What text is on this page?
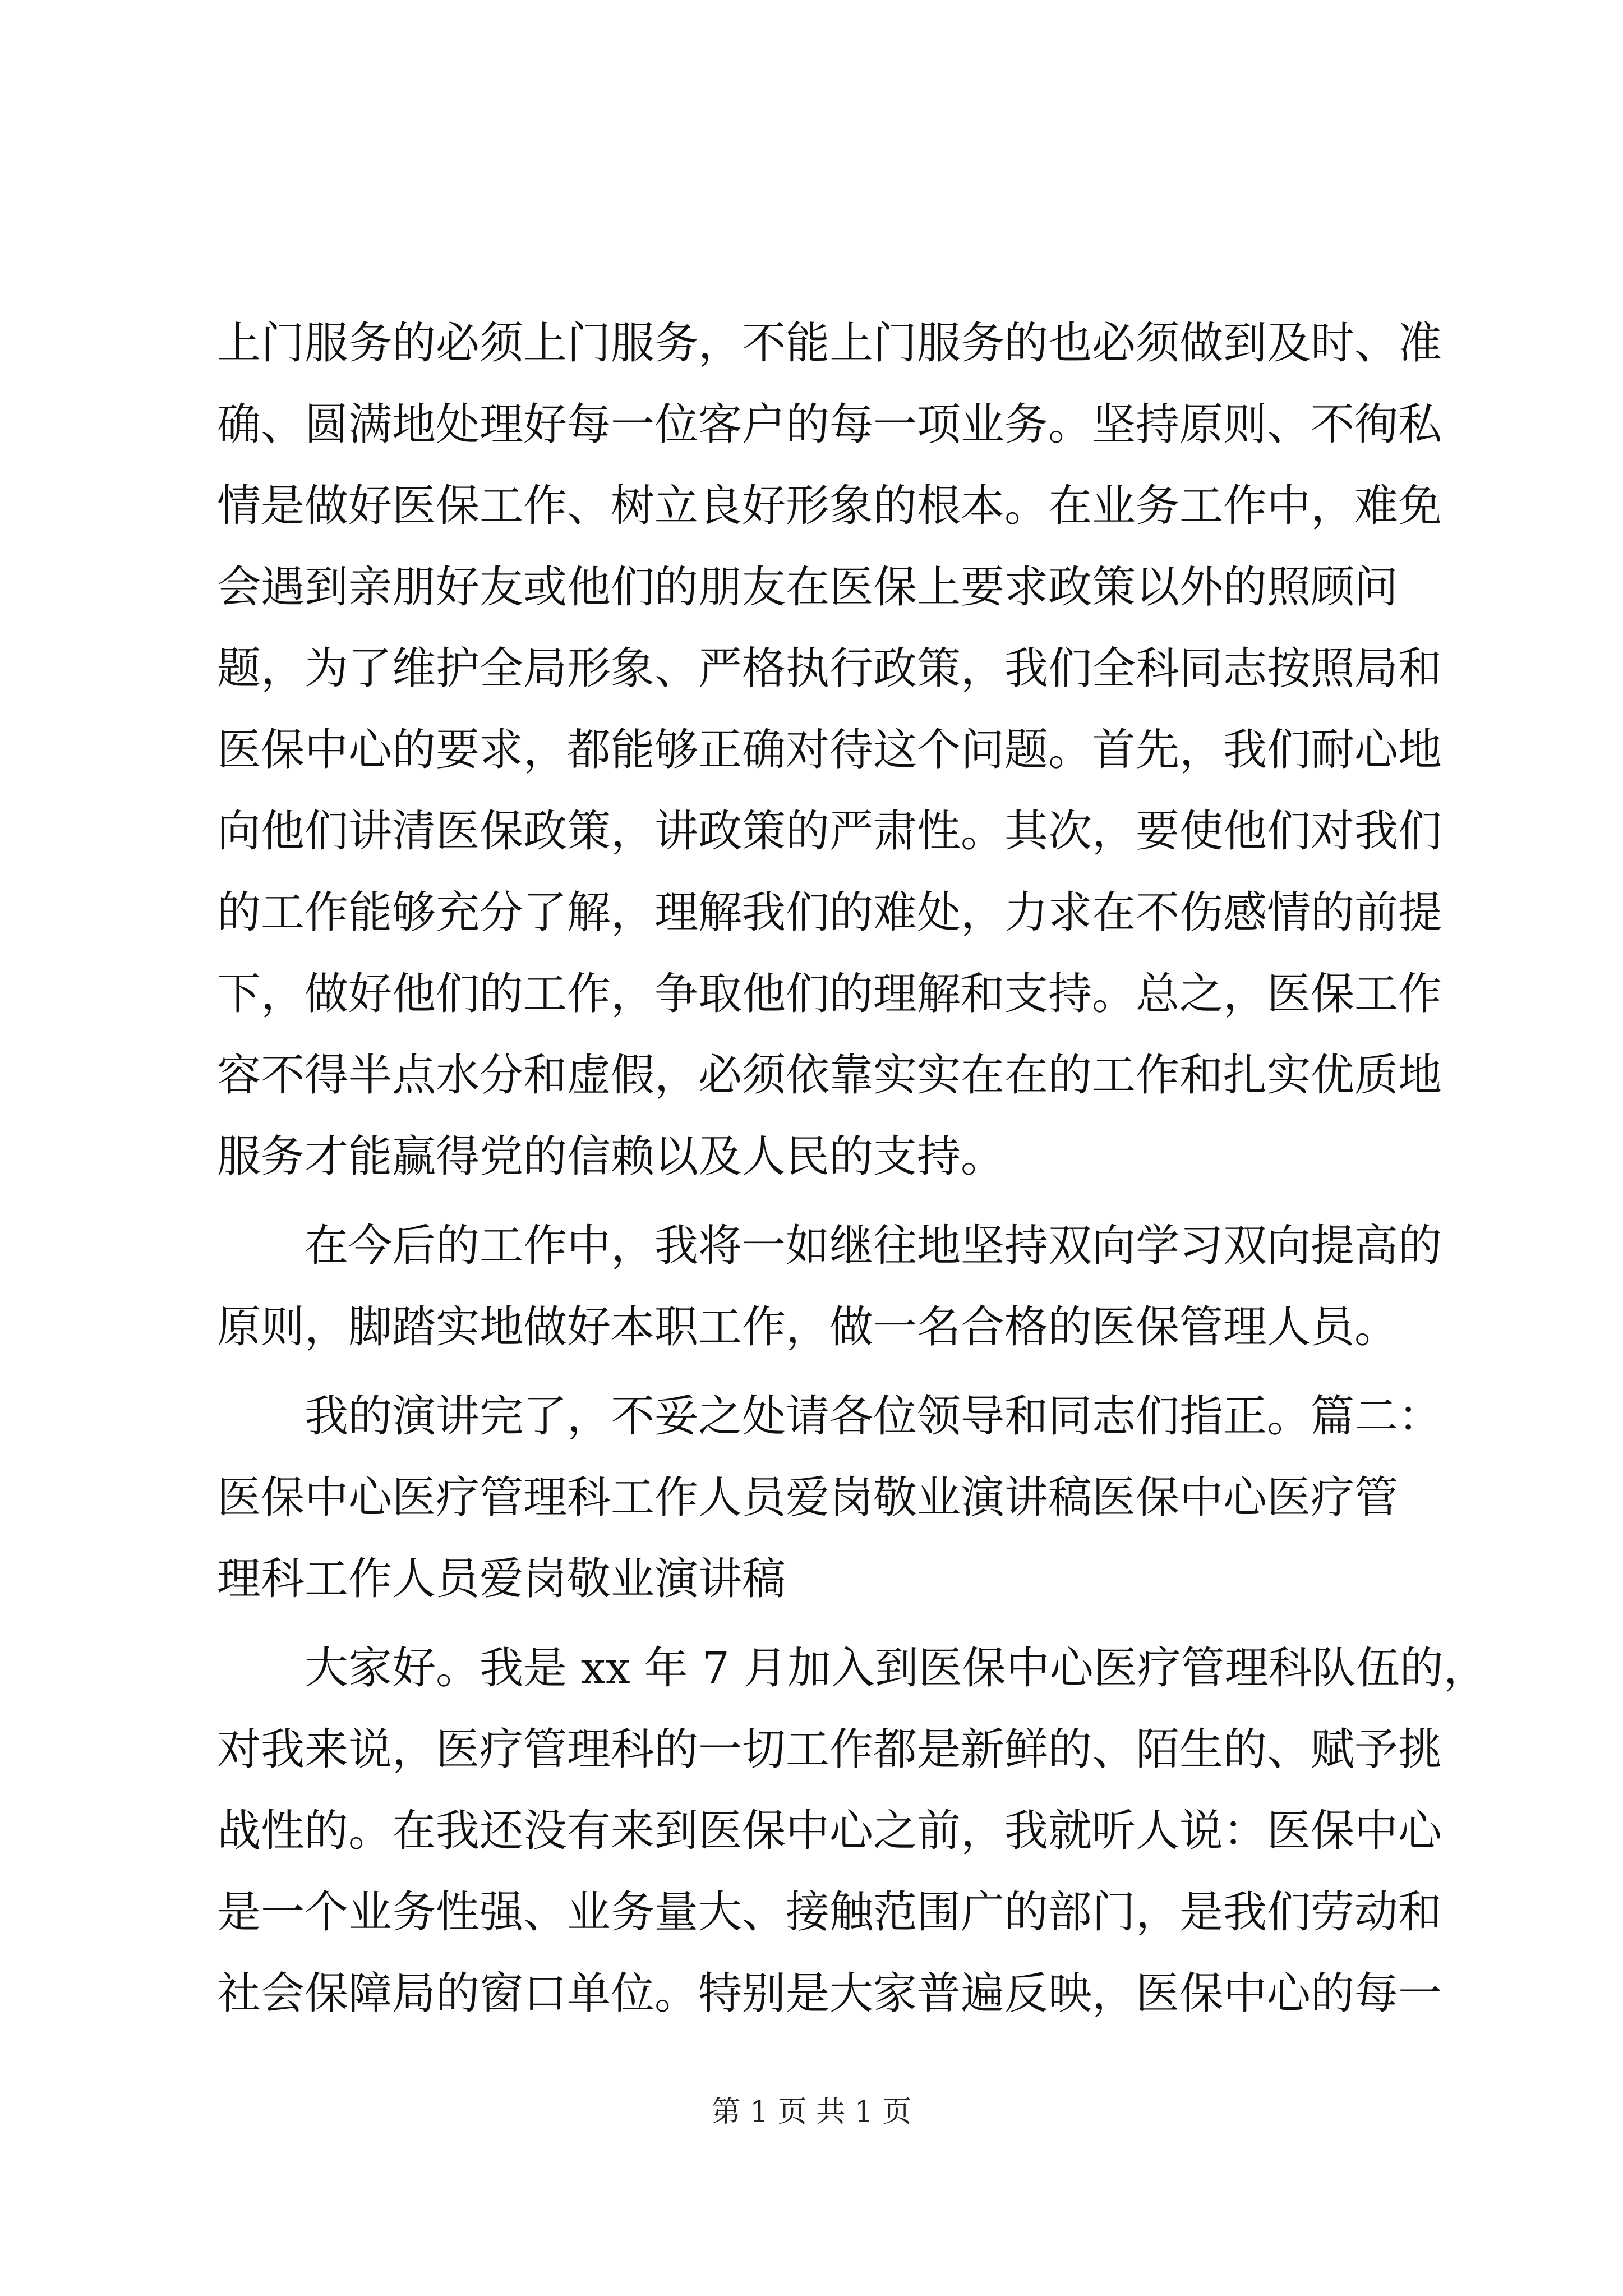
上门服务的必须上门服务，不能上门服务的也必须做到及时、准
确、圆满地处理好每一位客户的每一项业务。坚持原则、不徇私
情是做好医保工作、树立良好形象的根本。在业务工作中，难免
会遇到亲朋好友或他们的朋友在医保上要求政策以外的照顾问
题，为了维护全局形象、严格执行政策，我们全科同志按照局和
医保中心的要求，都能够正确对待这个问题。首先，我们耐心地
向他们讲清医保政策，讲政策的严肃性。其次，要使他们对我们
的工作能够充分了解，理解我们的难处，力求在不伤感情的前提
下，做好他们的工作，争取他们的理解和支持。总之，医保工作
容不得半点水分和虚假，必须依靠实实在在的工作和扎实优质地
服务才能赢得党的信赖以及人民的支持。
在今后的工作中，我将一如继往地坚持双向学习双向提高的
原则，脚踏实地做好本职工作，做一名合格的医保管理人员。
我的演讲完了，不妥之处请各位领导和同志们指正。篇二：
医保中心医疗管理科工作人员爱岗敬业演讲稿医保中心医疗管
理科工作人员爱岗敬业演讲稿
大家好。我是 xx 年 7 月加入到医保中心医疗管理科队伍的，
对我来说，医疗管理科的一切工作都是新鲜的、陌生的、赋予挑
战性的。在我还没有来到医保中心之前，我就听人说：医保中心
是一个业务性强、业务量大、接触范围广的部门，是我们劳动和
社会保障局的窗口单位。特别是大家普遍反映，医保中心的每一
第 1 页 共 1 页
